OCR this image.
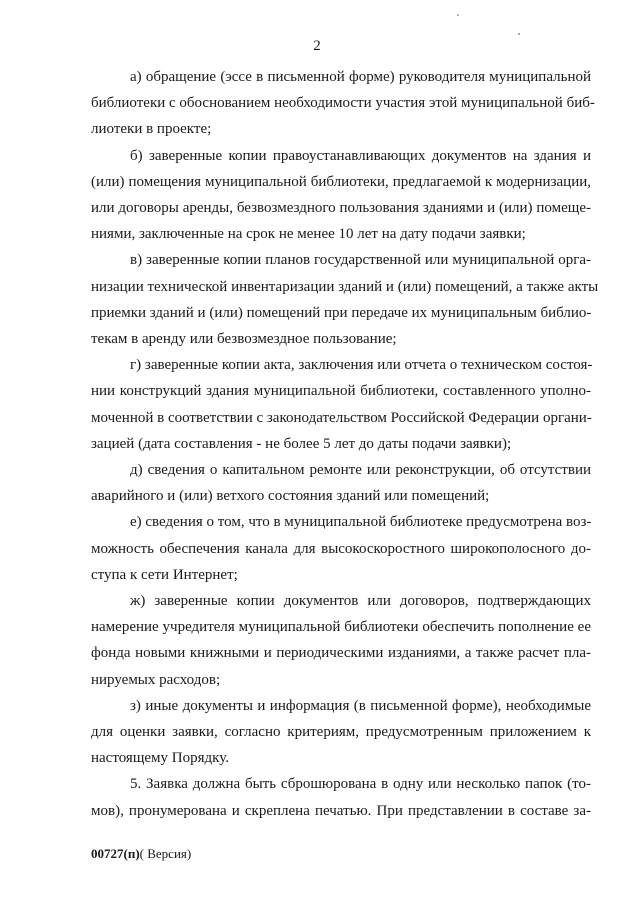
2
а) обращение (эссе в письменной форме) руководителя муниципальной
библиотеки с обоснованием необходимости участия этой муниципальной биб-
лиотеки в проекте;
б) заверенные копии правоустанавливающих документов на здания и
(или) помещения муниципальной библиотеки, предлагаемой к модернизации,
или договоры аренды, безвозмездного пользования зданиями и (или) помеще-
ниями, заключенные на срок не менее 10 лет на дату подачи заявки;
в) заверенные копии планов государственной или муниципальной орга-
низации технической инвентаризации зданий и (или) помещений, а также акты
приемки зданий и (или) помещений при передаче их муниципальным библио-
текам в аренду или безвозмездное пользование;
г) заверенные копии акта, заключения или отчета о техническом состоя-
нии конструкций здания муниципальной библиотеки, составленного уполно-
моченной в соответствии с законодательством Российской Федерации органи-
зацией (дата составления - не более 5 лет до даты подачи заявки);
д) сведения о капитальном ремонте или реконструкции, об отсутствии
аварийного и (или) ветхого состояния зданий или помещений;
е) сведения о том, что в муниципальной библиотеке предусмотрена воз-
можность обеспечения канала для высокоскоростного широкополосного до-
ступа к сети Интернет;
ж) заверенные копии документов или договоров, подтверждающих
намерение учредителя муниципальной библиотеки обеспечить пополнение ее
фонда новыми книжными и периодическими изданиями, а также расчет пла-
нируемых расходов;
з) иные документы и информация (в письменной форме), необходимые
для оценки заявки, согласно критериям, предусмотренным приложением к
настоящему Порядку.
5. Заявка должна быть сброшюрована в одну или несколько папок (то-
мов), пронумерована и скреплена печатью. При представлении в составе за-
00727(п)( Версия)
